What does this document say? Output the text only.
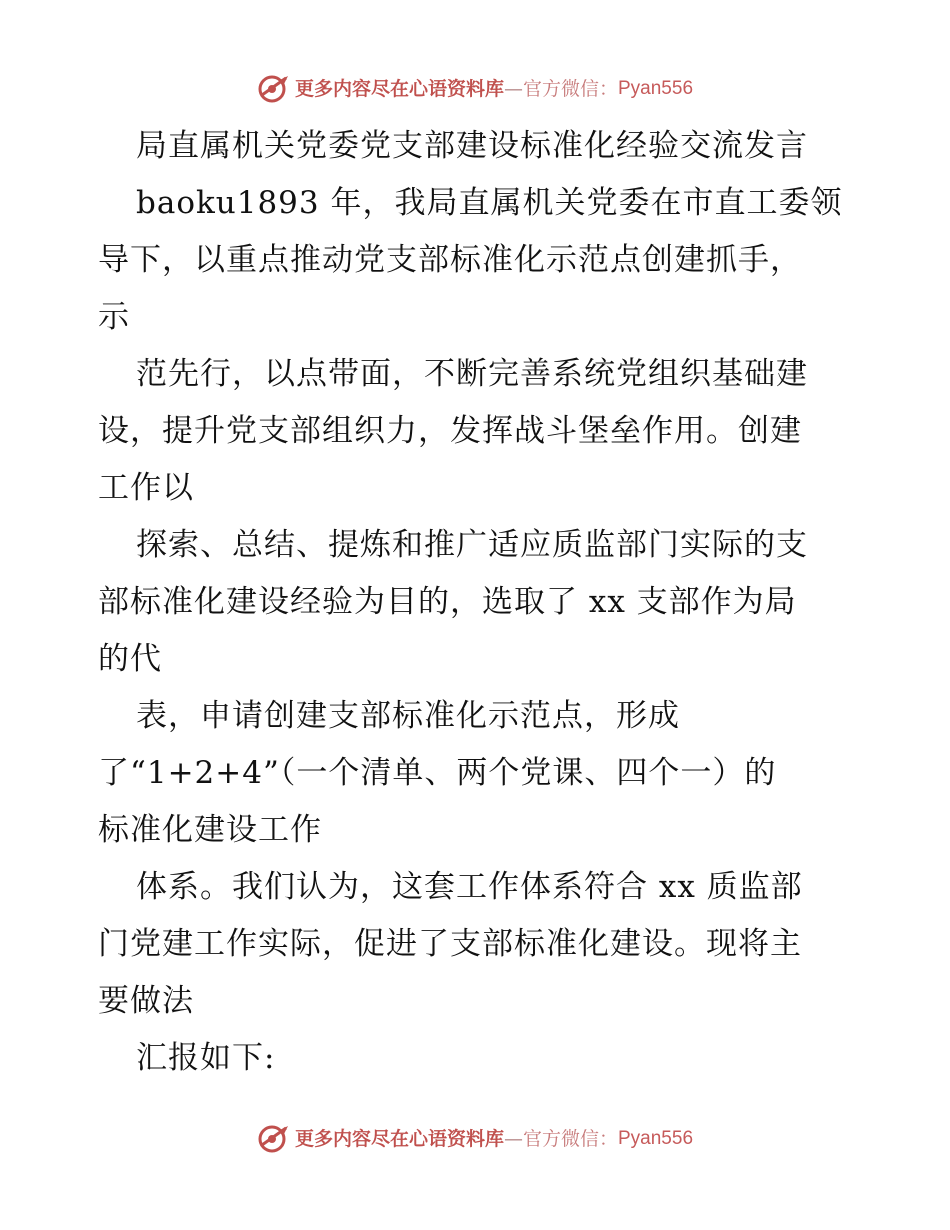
更多内容尽在心语资料库 — 官方微信： Pyan556

局直属机关党委党支部建设标准化经验交流发言

baoku1893 年，我局直属机关党委在市直工委领

导下，以重点推动党支部标准化示范点创建抓手，

示

范先行，以点带面，不断完善系统党组织基础建

设，提升党支部组织力，发挥战斗堡垒作用。创建

工作以

探索、总结、提炼和推广适应质监部门实际的支

部标准化建设经验为目的，选取了 xx 支部作为局

的代

表，申请创建支部标准化示范点，形成

了“1+2+4”（一个清单、两个党课、四个一）的

标准化建设工作

体系。我们认为，这套工作体系符合 xx 质监部

门党建工作实际，促进了支部标准化建设。现将主

要做法

汇报如下:

更多内容尽在心语资料库 — 官方微信： Pyan556
